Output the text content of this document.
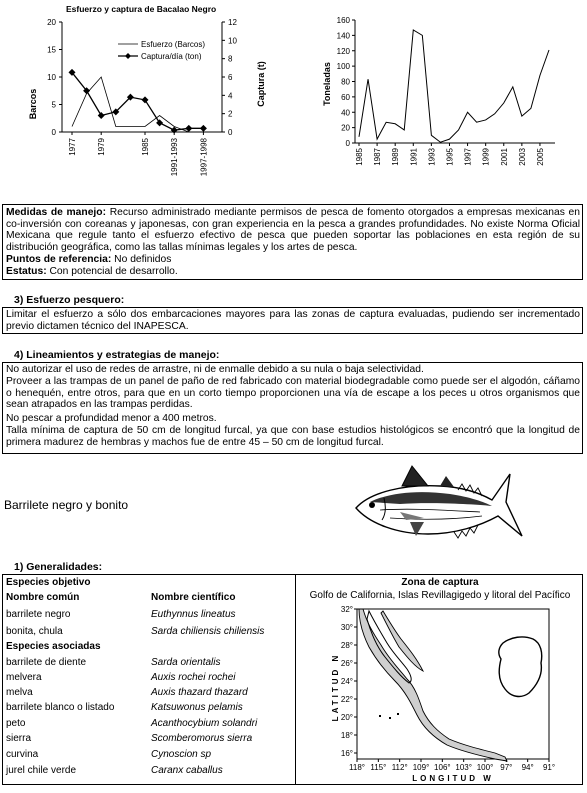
Esfuerzo y captura de Bacalao Negro
Barcos	Captura (t)
0
5
10
15
20
0
2
4
6
8
10
12
1977	1979	1985	1991-1993	1997-1998
Esfuerzo (Barcos)
Captura/día (ton)
Toneladas
0
20
40
60
80
100
120
140
160
1985 1987 1989 1991 1993 1995 1997 1999 2001 2003 2005
Medidas de manejo: Recurso administrado mediante permisos de pesca de fomento otorgados a empresas mexicanas en co-inversión con coreanas y japonesas, con gran experiencia en la pesca a grandes profundidades. No existe Norma Oficial Mexicana que regule tanto el esfuerzo efectivo de pesca que pueden soportar las poblaciones en esta región de su distribución geográfica, como las tallas mínimas legales y los artes de pesca.
Puntos de referencia: No definidos
Estatus: Con potencial de desarrollo.
3) Esfuerzo pesquero:
Limitar el esfuerzo a sólo dos embarcaciones mayores para las zonas de captura evaluadas, pudiendo ser incrementado previo dictamen técnico del INAPESCA.
4) Lineamientos y estrategias de manejo:
No autorizar el uso de redes de arrastre, ni de enmalle debido a su nula o baja selectividad.
Proveer a las trampas de un panel de paño de red fabricado con material biodegradable como puede ser el algodón, cáñamo o henequén, entre otros, para que en un corto tiempo proporcionen una vía de escape a los peces u otros organismos que sean atrapados en las trampas perdidas.
No pescar a profundidad menor a 400 metros.
Talla mínima de captura de 50 cm de longitud furcal, ya que con base estudios histológicos se encontró que la longitud de primera madurez de hembras y machos fue de entre 45 – 50 cm de longitud furcal.
Barrilete negro y bonito
1) Generalidades:
Especies objetivo
Nombre común	Nombre científico
barrilete negro	Euthynnus lineatus
bonita, chula	Sarda chiliensis chiliensis
Especies asociadas
barrilete de diente	Sarda orientalis
melvera	Auxis rochei rochei
melva	Auxis thazard thazard
barrilete blanco o listado	Katsuwonus pelamis
peto	Acanthocybium solandri
sierra	Scomberomorus sierra
curvina	Cynoscion sp
jurel chile verde	Caranx caballus
Zona de captura
Golfo de California, Islas Revillagigedo y litoral del Pacífico
32°
30°
28°
26°
24°
22°
20°
18°
16°
118° 115° 112° 109° 106° 103° 100° 97° 94° 91°
LATITUD N
LONGITUD W
